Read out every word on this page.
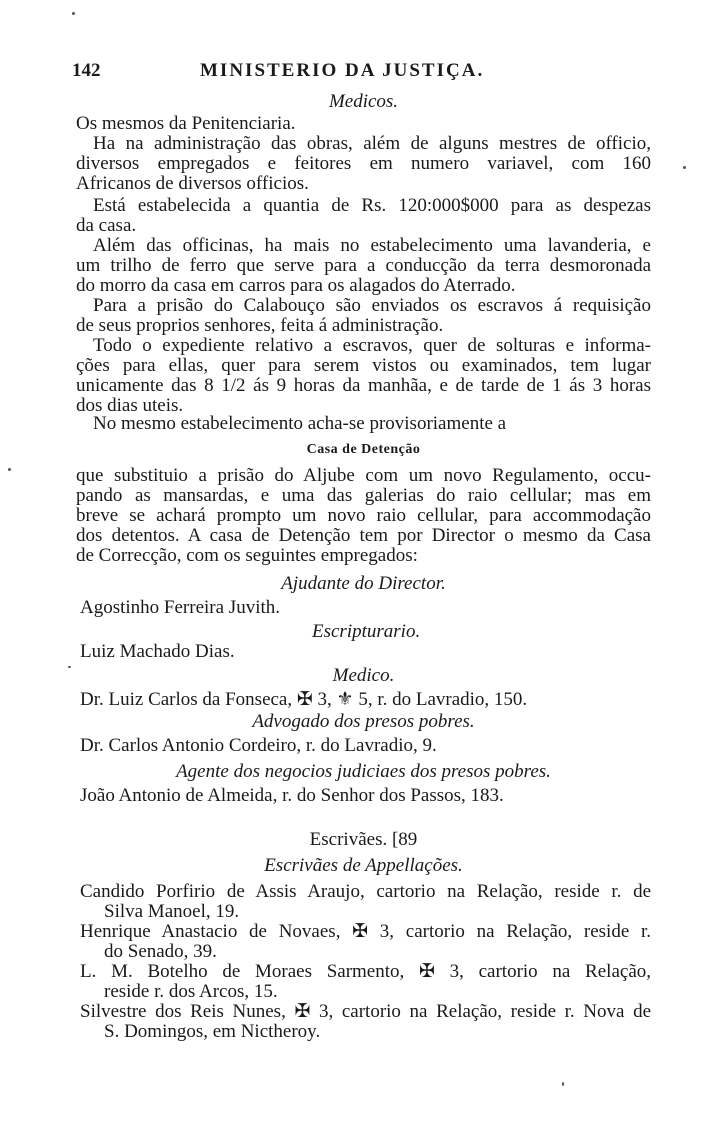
142	MINISTERIO DA JUSTIÇA.
Medicos.
Os mesmos da Penitenciaria.
Ha na administração das obras, além de alguns mestres de officio,
diversos empregados e feitores em numero variavel, com 160
Africanos de diversos officios.
Está estabelecida a quantia de Rs. 120:000$000 para as despezas
da casa.
Além das officinas, ha mais no estabelecimento uma lavanderia, e
um trilho de ferro que serve para a conducção da terra desmoronada
do morro da casa em carros para os alagados do Aterrado.
Para a prisão do Calabouço são enviados os escravos á requisição
de seus proprios senhores, feita á administração.
Todo o expediente relativo a escravos, quer de solturas e informa-
ções para ellas, quer para serem vistos ou examinados, tem lugar
unicamente das 8 1/2 ás 9 horas da manhãa, e de tarde de 1 ás 3 horas
dos dias uteis.
No mesmo estabelecimento acha-se provisoriamente a
Casa de Detenção
que substituio a prisão do Aljube com um novo Regulamento, occu-
pando as mansardas, e uma das galerias do raio cellular; mas em
breve se achará prompto um novo raio cellular, para accommodação
dos detentos. A casa de Detenção tem por Director o mesmo da Casa
de Correcção, com os seguintes empregados:
Ajudante do Director.
Agostinho Ferreira Juvith.
Escripturario.
Luiz Machado Dias.
Medico.
Dr. Luiz Carlos da Fonseca, ✠ 3, ⚜ 5, r. do Lavradio, 150.
Advogado dos presos pobres.
Dr. Carlos Antonio Cordeiro, r. do Lavradio, 9.
Agente dos negocios judiciaes dos presos pobres.
João Antonio de Almeida, r. do Senhor dos Passos, 183.
Escrivães. [89
Escrivães de Appellações.
Candido Porfirio de Assis Araujo, cartorio na Relação, reside r. de
Silva Manoel, 19.
Henrique Anastacio de Novaes, ✠ 3, cartorio na Relação, reside r.
do Senado, 39.
L. M. Botelho de Moraes Sarmento, ✠ 3, cartorio na Relação,
reside r. dos Arcos, 15.
Silvestre dos Reis Nunes, ✠ 3, cartorio na Relação, reside r. Nova de
S. Domingos, em Nictheroy.
